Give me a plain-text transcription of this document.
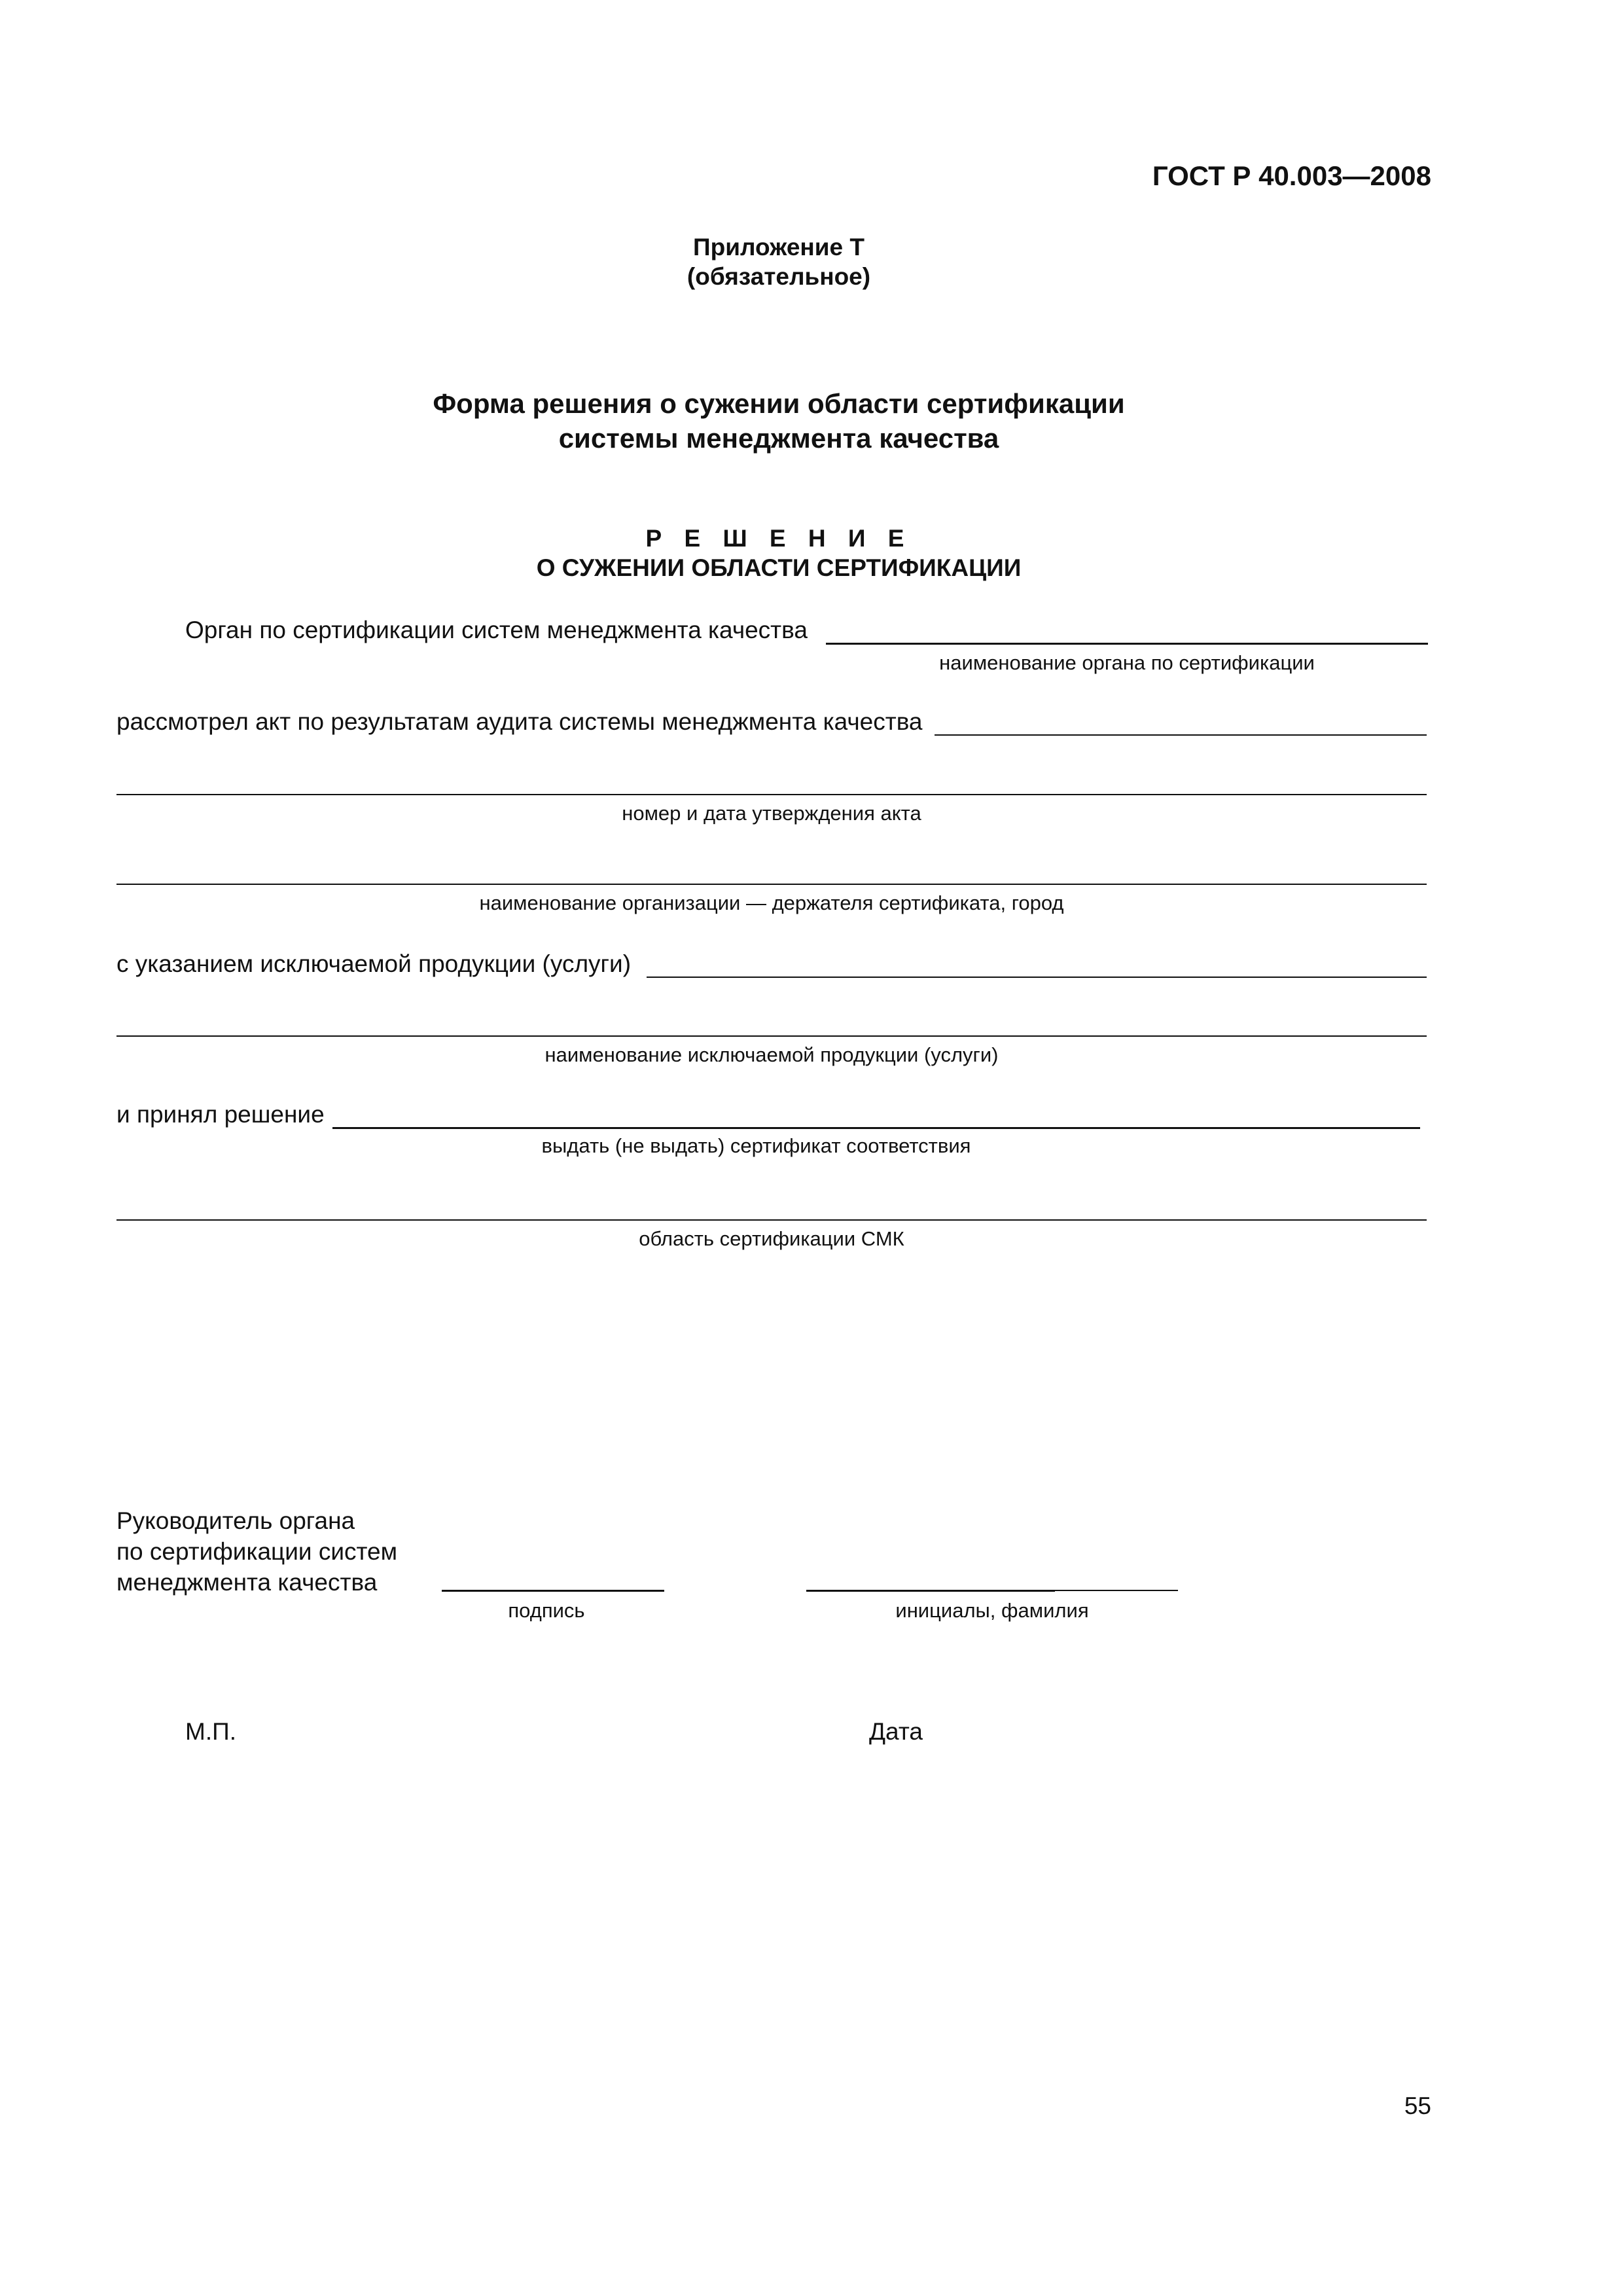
ГОСТ Р 40.003—2008
Приложение Т
(обязательное)
Форма решения о сужении области сертификации
системы менеджмента качества
Р Е Ш Е Н И Е
О СУЖЕНИИ ОБЛАСТИ СЕРТИФИКАЦИИ
Орган по сертификации систем менеджмента качества
наименование органа по сертификации
рассмотрел акт по результатам аудита системы менеджмента качества
номер и дата утверждения акта
наименование организации — держателя сертификата, город
с указанием исключаемой продукции (услуги)
наименование исключаемой продукции (услуги)
и принял решение
выдать (не выдать) сертификат соответствия
область сертификации СМК
Руководитель органа
по сертификации систем
менеджмента качества
подпись	инициалы, фамилия
М.П.	Дата
55
